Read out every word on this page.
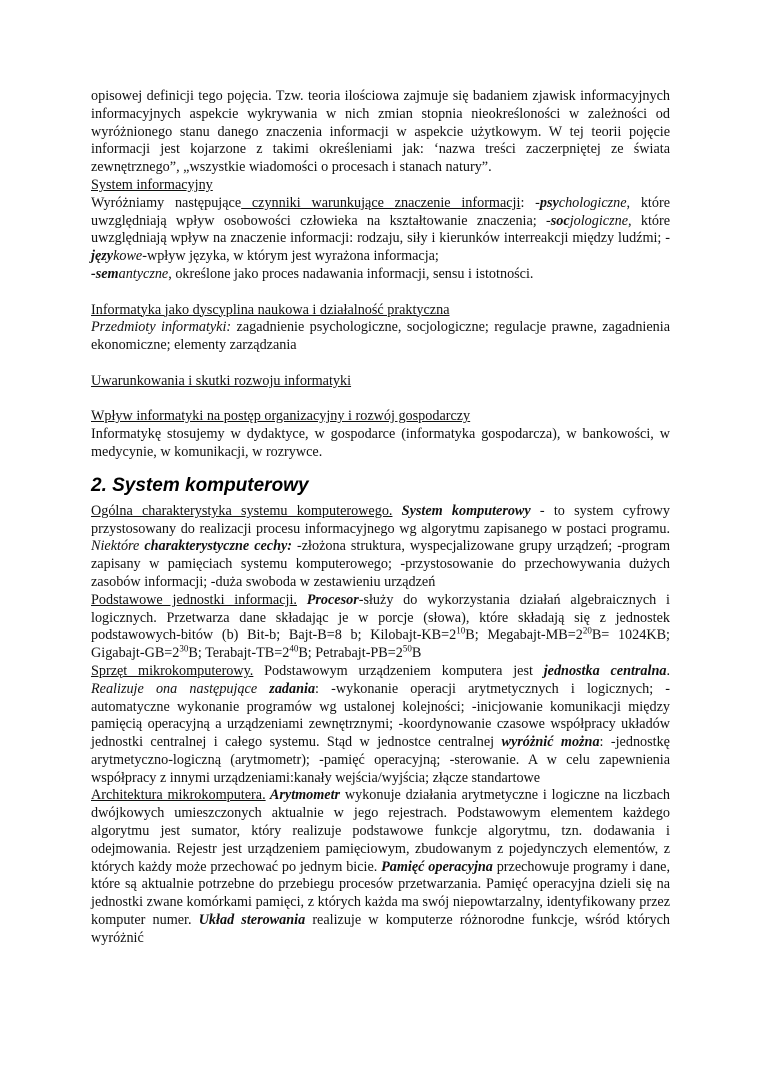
opisowej definicji tego pojęcia. Tzw. teoria ilościowa zajmuje się badaniem zjawisk informacyjnych informacyjnych aspekcie wykrywania w nich zmian stopnia nieokreśloności w zależności od wyróżnionego stanu danego znaczenia informacji w aspekcie użytkowym. W tej teorii pojęcie informacji jest kojarzone z takimi określeniami jak: ‘nazwa treści zaczerpniętej ze świata zewnętrznego”, „wszystkie wiadomości o procesach i stanach natury”.

System informacyjny

Wyróżniamy następujące czynniki warunkujące znaczenie informacji: -psychologiczne, które uwzględniają wpływ osobowości człowieka na kształtowanie znaczenia; -socjologiczne, które uwzględniają wpływ na znaczenie informacji: rodzaju, siły i kierunków interreakcji między ludźmi; -językowe-wpływ języka, w którym jest wyrażona informacja;
-semantyczne, określone jako proces nadawania informacji, sensu i istotności.

Informatyka jako dyscyplina naukowa i działalność praktyczna

Przedmioty informatyki: zagadnienie psychologiczne, socjologiczne; regulacje prawne, zagadnienia ekonomiczne; elementy zarządzania

Uwarunkowania i skutki rozwoju informatyki
Wpływ informatyki na postęp organizacyjny i rozwój gospodarczy

Informatykę stosujemy w dydaktyce, w gospodarce (informatyka gospodarcza), w bankowości, w medycynie, w komunikacji, w rozrywce.

2. System komputerowy

Ogólna charakterystyka systemu komputerowego. System komputerowy - to system cyfrowy przystosowany do realizacji procesu informacyjnego wg algorytmu zapisanego w postaci programu. Niektóre charakterystyczne cechy: -złożona struktura, wyspecjalizowane grupy urządzeń; -program zapisany w pamięciach systemu komputerowego; -przystosowanie do przechowywania dużych zasobów informacji; -duża swoboda w zestawieniu urządzeń

Podstawowe jednostki informacji. Procesor-służy do wykorzystania działań algebraicznych i logicznych. Przetwarza dane składając je w porcje (słowa), które składają się z jednostek podstawowych-bitów (b) Bit-b; Bajt-B=8 b; Kilobajt-$KB=2^{10}B$; Megabajt-$MB=2^{20}B= 1024KB$; Gigabajt-$GB=2^{30}B$; Terabajt-$TB=2^{40}B$; Petrabajt-$PB=2^{50}B$

Sprzęt mikrokomputerowy. Podstawowym urządzeniem komputera jest jednostka centralna. Realizuje ona następujące zadania: -wykonanie operacji arytmetycznych i logicznych; -automatyczne wykonanie programów wg ustalonej kolejności; -inicjowanie komunikacji między pamięcią operacyjną a urządzeniami zewnętrznymi; -koordynowanie czasowe współpracy układów jednostki centralnej i całego systemu. Stąd w jednostce centralnej wyróżnić można: -jednostkę arytmetyczno-logiczną (arytmometr); -pamięć operacyjną; -sterowanie. A w celu zapewnienia współpracy z innymi urządzeniami:kanały wejścia/wyjścia; złącze standartowe

Architektura mikrokomputera. Arytmometr wykonuje działania arytmetyczne i logiczne na liczbach dwójkowych umieszczonych aktualnie w jego rejestrach. Podstawowym elementem każdego algorytmu jest sumator, który realizuje podstawowe funkcje algorytmu, tzn. dodawania i odejmowania. Rejestr jest urządzeniem pamięciowym, zbudowanym z pojedynczych elementów, z których każdy może przechować po jednym bicie. Pamięć operacyjna przechowuje programy i dane, które są aktualnie potrzebne do przebiegu procesów przetwarzania. Pamięć operacyjna dzieli się na jednostki zwane komórkami pamięci, z których każda ma swój niepowtarzalny, identyfikowany przez komputer numer. Układ sterowania realizuje w komputerze różnorodne funkcje, wśród których wyróżnić
